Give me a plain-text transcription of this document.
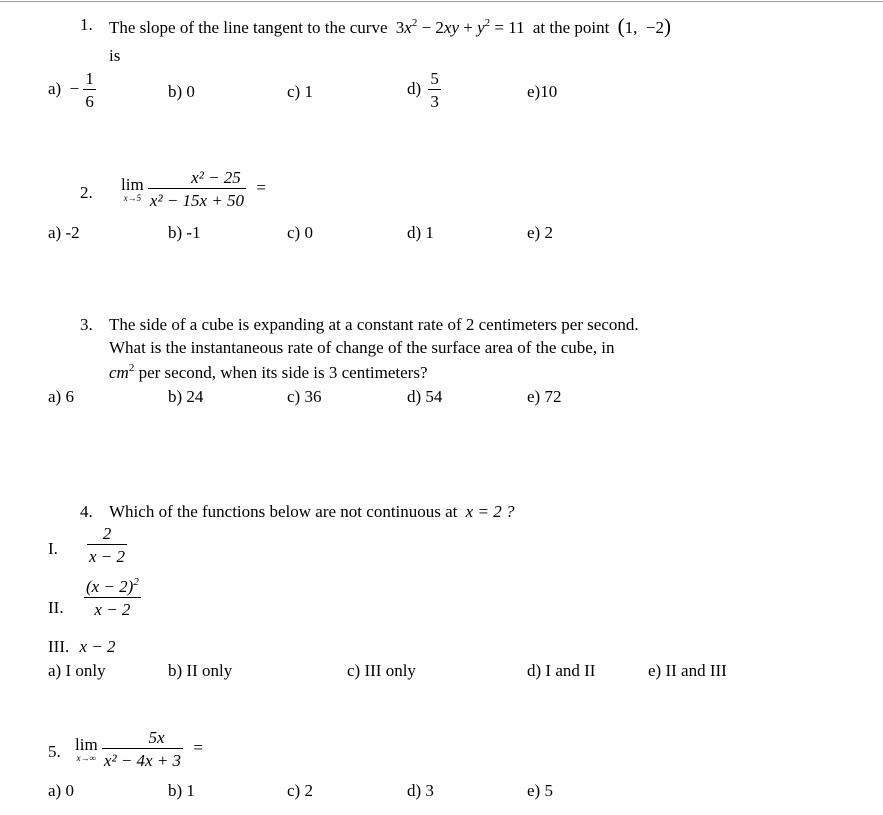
1. The slope of the line tangent to the curve $3x^2 - 2xy + y^2 = 11$ at the point (1, −2)
is
$a) - \frac{1}{6}$	b) 0	c) 1	$d) \frac{5}{3}$	e)10
2. lim
x→5
$\frac{\text{x² − 25}}{\text{x² − 15x + 50}}$ =
a) -2	b) -1	c) 0	d) 1	e) 2
3. The side of a cube is expanding at a constant rate of 2 centimeters per second.
What is the instantaneous rate of change of the surface area of the cube, in
$cm^2$ per second, when its side is 3 centimeters?
a) 6	b) 24	c) 36	d) 54	e) 72
4. Which of the functions below are not continuous at x = 2 ?
I. $\frac{2}{x - 2}$
II. $\frac{(x - 2)^2}{x - 2}$
III. x − 2
a) I only	b) II only	c) III only	d) I and II	e) II and III
5. lim
x→∞
$\frac{5x}{\text{x² − 4x + 3}}$ =
a) 0	b) 1	c) 2	d) 3	e) 5
